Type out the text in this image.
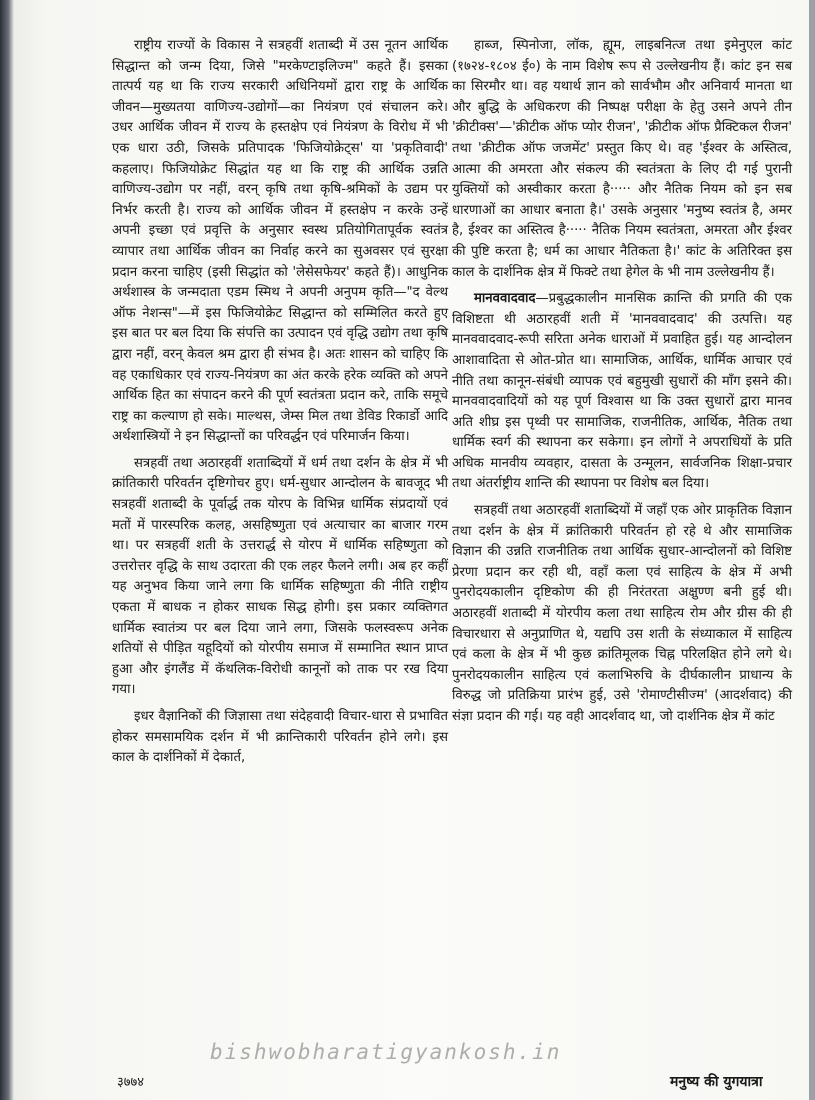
राष्ट्रीय राज्यों के विकास ने सत्रहवीं शताब्दी में उस नूतन आर्थिक सिद्धान्त को जन्म दिया, जिसे "मरकेण्टाइलिज्म" कहते हैं। इसका तात्पर्य यह था कि राज्य सरकारी अधिनियमों द्वारा राष्ट्र के आर्थिक जीवन—मुख्यतया वाणिज्य-उद्योगों—का नियंत्रण एवं संचालन करे। उधर आर्थिक जीवन में राज्य के हस्तक्षेप एवं नियंत्रण के विरोध में भी एक धारा उठी, जिसके प्रतिपादक 'फिजियोक्रेट्स' या 'प्रकृतिवादी' कहलाए। फिजियोक्रेट सिद्धांत यह था कि राष्ट्र की आर्थिक उन्नति वाणिज्य-उद्योग पर नहीं, वरन् कृषि तथा कृषि-श्रमिकों के उद्यम पर निर्भर करती है। राज्य को आर्थिक जीवन में हस्तक्षेप न करके उन्हें अपनी इच्छा एवं प्रवृत्ति के अनुसार स्वस्थ प्रतियोगितापूर्वक स्वतंत्र व्यापार तथा आर्थिक जीवन का निर्वाह करने का सुअवसर एवं सुरक्षा प्रदान करना चाहिए (इसी सिद्धांत को 'लेसेसफेयर' कहते हैं)। आधुनिक अर्थशास्त्र के जन्मदाता एडम स्मिथ ने अपनी अनुपम कृति—"द वेल्थ ऑफ नेशन्स"—में इस फिजियोक्रेट सिद्धान्त को सम्मिलित करते हुए इस बात पर बल दिया कि संपत्ति का उत्पादन एवं वृद्धि उद्योग तथा कृषि द्वारा नहीं, वरन् केवल श्रम द्वारा ही संभव है। अतः शासन को चाहिए कि वह एकाधिकार एवं राज्य-नियंत्रण का अंत करके हरेक व्यक्ति को अपने आर्थिक हित का संपादन करने की पूर्ण स्वतंत्रता प्रदान करे, ताकि समूचे राष्ट्र का कल्याण हो सके। माल्थस, जेम्स मिल तथा डेविड रिकार्डो आदि अर्थशास्त्रियों ने इन सिद्धान्तों का परिवर्द्धन एवं परिमार्जन किया।

सत्रहवीं तथा अठारहवीं शताब्दियों में धर्म तथा दर्शन के क्षेत्र में भी क्रांतिकारी परिवर्तन दृष्टिगोचर हुए। धर्म-सुधार आन्दोलन के बावजूद भी सत्रहवीं शताब्दी के पूर्वार्द्ध तक योरप के विभिन्न धार्मिक संप्रदायों एवं मतों में पारस्परिक कलह, असहिष्णुता एवं अत्याचार का बाजार गरम था। पर सत्रहवीं शती के उत्तरार्द्ध से योरप में धार्मिक सहिष्णुता को उत्तरोत्तर वृद्धि के साथ उदारता की एक लहर फैलने लगी। अब हर कहीं यह अनुभव किया जाने लगा कि धार्मिक सहिष्णुता की नीति राष्ट्रीय एकता में बाधक न होकर साधक सिद्ध होगी। इस प्रकार व्यक्तिगत धार्मिक स्वातंत्र्य पर बल दिया जाने लगा, जिसके फलस्वरूप अनेक शतियों से पीड़ित यहूदियों को योरपीय समाज में सम्मानित स्थान प्राप्त हुआ और इंगलैंड में कॅथलिक-विरोधी कानूनों को ताक पर रख दिया गया।

इधर वैज्ञानिकों की जिज्ञासा तथा संदेहवादी विचार-धारा से प्रभावित होकर समसामयिक दर्शन में भी क्रान्तिकारी परिवर्तन होने लगे। इस काल के दार्शनिकों में देकार्त,

हाब्ज, स्पिनोजा, लॉक, ह्यूम, लाइबनित्ज तथा इमेनुएल कांट (१७२४-१८०४ ई०) के नाम विशेष रूप से उल्लेखनीय हैं। कांट इन सब का सिरमौर था। वह यथार्थ ज्ञान को सार्वभौम और अनिवार्य मानता था और बुद्धि के अधिकरण की निष्पक्ष परीक्षा के हेतु उसने अपने तीन 'क्रीटीक्स'—'क्रीटीक ऑफ प्योर रीजन', 'क्रीटीक ऑफ प्रैक्टिकल रीजन' तथा 'क्रीटीक ऑफ जजमेंट' प्रस्तुत किए थे। वह 'ईश्वर के अस्तित्व, आत्मा की अमरता और संकल्प की स्वतंत्रता के लिए दी गई पुरानी युक्तियों को अस्वीकार करता है····· और नैतिक नियम को इन सब धारणाओं का आधार बनाता है।' उसके अनुसार 'मनुष्य स्वतंत्र है, अमर है, ईश्वर का अस्तित्व है····· नैतिक नियम स्वतंत्रता, अमरता और ईश्वर की पुष्टि करता है; धर्म का आधार नैतिकता है।' कांट के अतिरिक्त इस काल के दार्शनिक क्षेत्र में फिक्टे तथा हेगेल के भी नाम उल्लेखनीय हैं।

मानववादवाद—प्रबुद्धकालीन मानसिक क्रान्ति की प्रगति की एक विशिष्टता थी अठारहवीं शती में 'मानववादवाद' की उत्पत्ति। यह मानववादवाद-रूपी सरिता अनेक धाराओं में प्रवाहित हुई। यह आन्दोलन आशावादिता से ओत-प्रोत था। सामाजिक, आर्थिक, धार्मिक आचार एवं नीति तथा कानून-संबंधी व्यापक एवं बहुमुखी सुधारों की माँग इसने की। मानववादवादियों को यह पूर्ण विश्वास था कि उक्त सुधारों द्वारा मानव अति शीघ्र इस पृथ्वी पर सामाजिक, राजनीतिक, आर्थिक, नैतिक तथा धार्मिक स्वर्ग की स्थापना कर सकेगा। इन लोगों ने अपराधियों के प्रति अधिक मानवीय व्यवहार, दासता के उन्मूलन, सार्वजनिक शिक्षा-प्रचार तथा अंतर्राष्ट्रीय शान्ति की स्थापना पर विशेष बल दिया।

सत्रहवीं तथा अठारहवीं शताब्दियों में जहाँ एक ओर प्राकृतिक विज्ञान तथा दर्शन के क्षेत्र में क्रांतिकारी परिवर्तन हो रहे थे और सामाजिक विज्ञान की उन्नति राजनीतिक तथा आर्थिक सुधार-आन्दोलनों को विशिष्ट प्रेरणा प्रदान कर रही थी, वहाँ कला एवं साहित्य के क्षेत्र में अभी पुनरोदयकालीन दृष्टिकोण की ही निरंतरता अक्षुण्ण बनी हुई थी। अठारहवीं शताब्दी में योरपीय कला तथा साहित्य रोम और ग्रीस की ही विचारधारा से अनुप्राणित थे, यद्यपि उस शती के संध्याकाल में साहित्य एवं कला के क्षेत्र में भी कुछ क्रांतिमूलक चिह्न परिलक्षित होने लगे थे। पुनरोदयकालीन साहित्य एवं कलाभिरुचि के दीर्घकालीन प्राधान्य के विरुद्ध जो प्रतिक्रिया प्रारंभ हुई, उसे 'रोमाण्टीसीज्म' (आदर्शवाद) की संज्ञा प्रदान की गई। यह वही आदर्शवाद था, जो दार्शनिक क्षेत्र में कांट

bishwobharatigyankosh.in
३७७४	मनुष्य की युगयात्रा
